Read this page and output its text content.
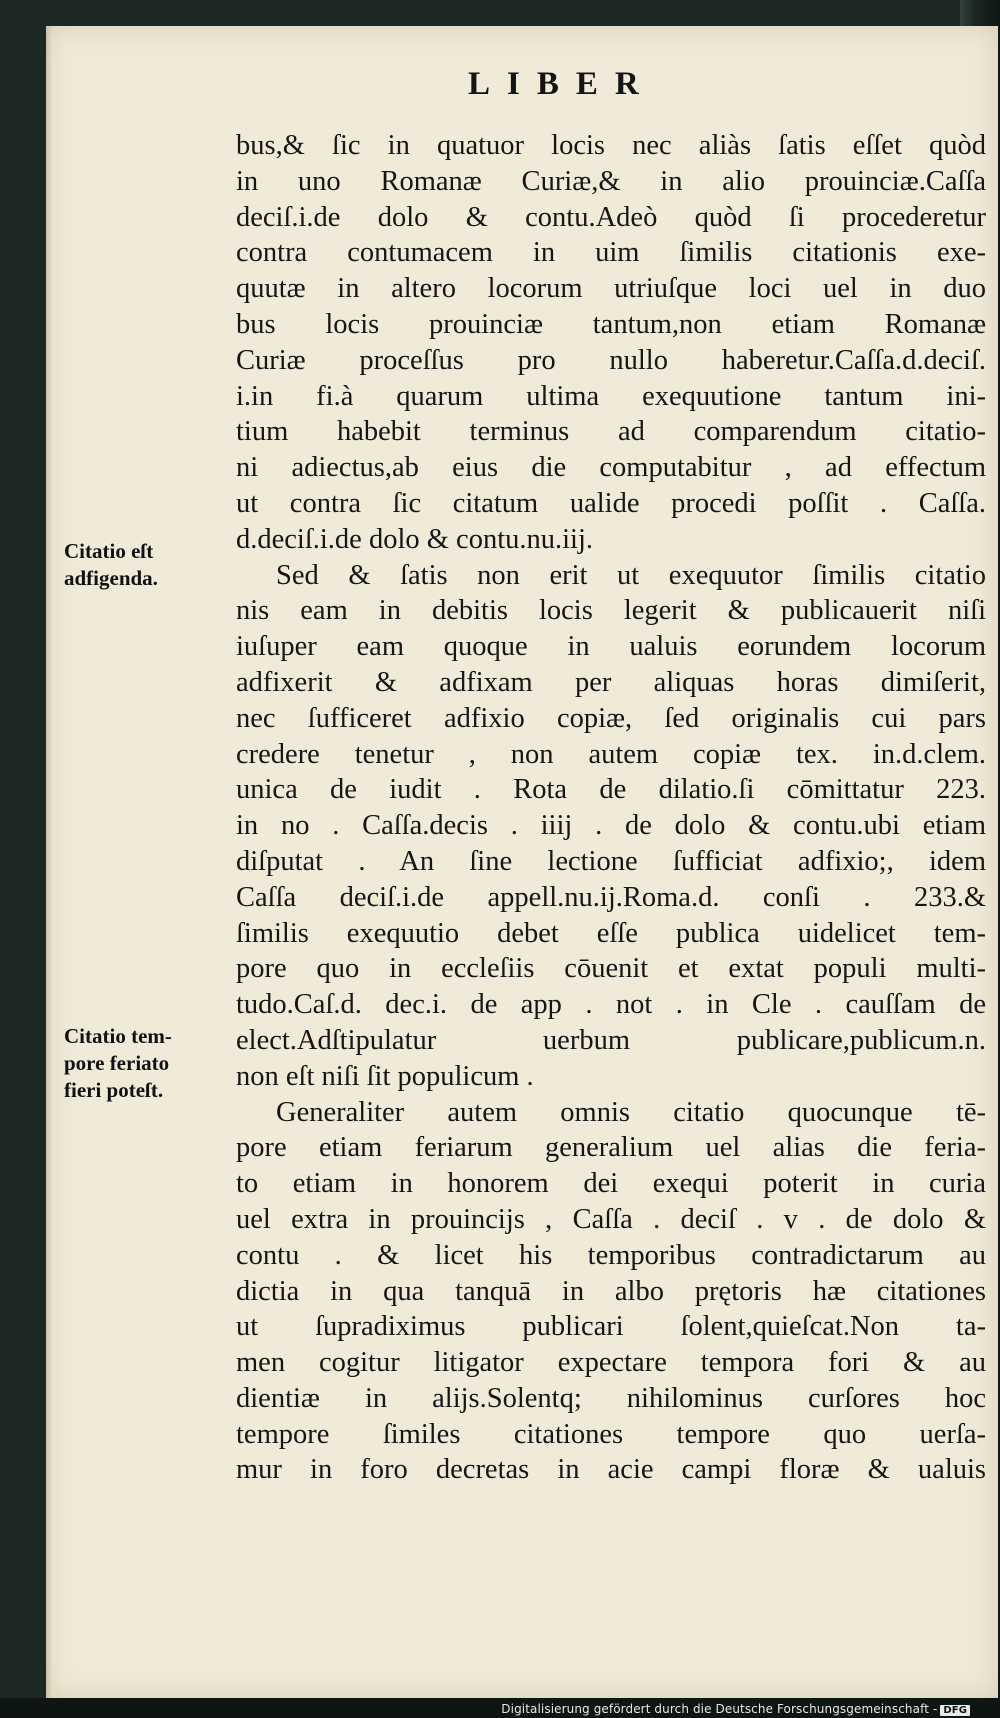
LIBER
Citatio eſt
adfigenda.
Citatio tem-
pore feriato
fieri poteſt.
bus,& ſic in quatuor locis nec aliàs ſatis eſſet quòd
in uno Romanæ Curiæ,& in alio prouinciæ.Caſſa
deciſ.i.de dolo & contu.Adeò quòd ſi procederetur
contra contumacem in uim ſimilis citationis exe-
quutæ in altero locorum utriuſque loci uel in duo
bus locis prouinciæ tantum,non etiam Romanæ
Curiæ proceſſus pro nullo haberetur.Caſſa.d.deciſ.
i.in fi.à quarum ultima exequutione tantum ini-
tium habebit terminus ad comparendum citatio-
ni adiectus,ab eius die computabitur , ad effectum
ut contra ſic citatum ualide procedi poſſit . Caſſa.
d.deciſ.i.de dolo & contu.nu.iij.
Sed & ſatis non erit ut exequutor ſimilis citatio
nis eam in debitis locis legerit & publicauerit niſi
iuſuper eam quoque in ualuis eorundem locorum
adfixerit & adfixam per aliquas horas dimiſerit,
nec ſufficeret adfixio copiæ, ſed originalis cui pars
credere tenetur , non autem copiæ tex. in.d.clem.
unica de iudit . Rota de dilatio.ſi cōmittatur 223.
in no . Caſſa.decis . iiij . de dolo & contu.ubi etiam
diſputat . An ſine lectione ſufficiat adfixio;, idem
Caſſa deciſ.i.de appell.nu.ij.Roma.d. conſi . 233.&
ſimilis exequutio debet eſſe publica uidelicet tem-
pore quo in eccleſiis cōuenit et extat populi multi-
tudo.Caſ.d. dec.i. de app . not . in Cle . cauſſam de
elect.Adſtipulatur uerbum publicare,publicum.n.
non eſt niſi ſit populicum .
Generaliter autem omnis citatio quocunque tē-
pore etiam feriarum generalium uel alias die feria-
to etiam in honorem dei exequi poterit in curia
uel extra in prouincijs , Caſſa . deciſ . v . de dolo &
contu . & licet his temporibus contradictarum au
dictia in qua tanquā in albo prętoris hæ citationes
ut ſupradiximus publicari ſolent,quieſcat.Non ta-
men cogitur litigator expectare tempora fori & au
dientiæ in alijs.Solentq; nihilominus curſores hoc
tempore ſimiles citationes tempore quo uerſa-
mur in foro decretas in acie campi floræ & ualuis
Digitalisierung gefördert durch die Deutsche Forschungsgemeinschaft - DFG
